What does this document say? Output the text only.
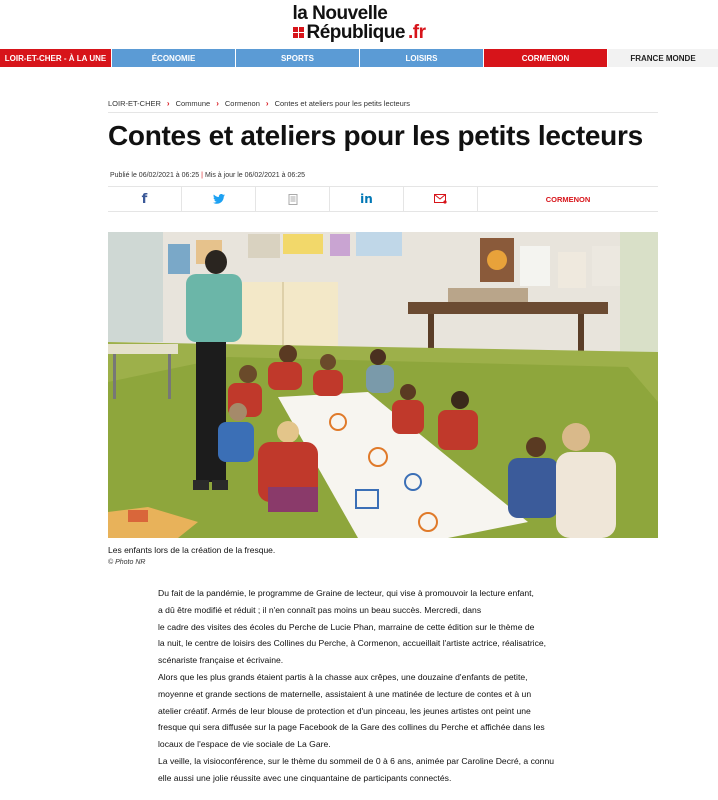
la Nouvelle
République .fr
LOIR-ET-CHER - À LA UNE	ÉCONOMIE	SPORTS	LOISIRS	CORMENON	FRANCE MONDE
LOIR-ET-CHER › Commune › Cormenon › Contes et ateliers pour les petits lecteurs
Contes et ateliers pour les petits lecteurs
Publié le 06/02/2021 à 06:25 | Mis à jour le 06/02/2021 à 06:25
f	in	CORMENON
Les enfants lors de la création de la fresque.
© Photo NR

Du fait de la pandémie, le programme de Graine de lecteur, qui vise à promouvoir la lecture enfant,

a dû être modifié et réduit ; il n'en connaît pas moins un beau succès. Mercredi, dans

le cadre des visites des écoles du Perche de Lucie Phan, marraine de cette édition sur le thème de

la nuit, le centre de loisirs des Collines du Perche, à Cormenon, accueillait l'artiste actrice, réalisatrice,

scénariste française et écrivaine.

Alors que les plus grands étaient partis à la chasse aux crêpes, une douzaine d'enfants de petite,

moyenne et grande sections de maternelle, assistaient à une matinée de lecture de contes et à un

atelier créatif. Armés de leur blouse de protection et d'un pinceau, les jeunes artistes ont peint une

fresque qui sera diffusée sur la page Facebook de la Gare des collines du Perche et affichée dans les

locaux de l'espace de vie sociale de La Gare.

La veille, la visioconférence, sur le thème du sommeil de 0 à 6 ans, animée par Caroline Decré, a connu

elle aussi une jolie réussite avec une cinquantaine de participants connectés.
